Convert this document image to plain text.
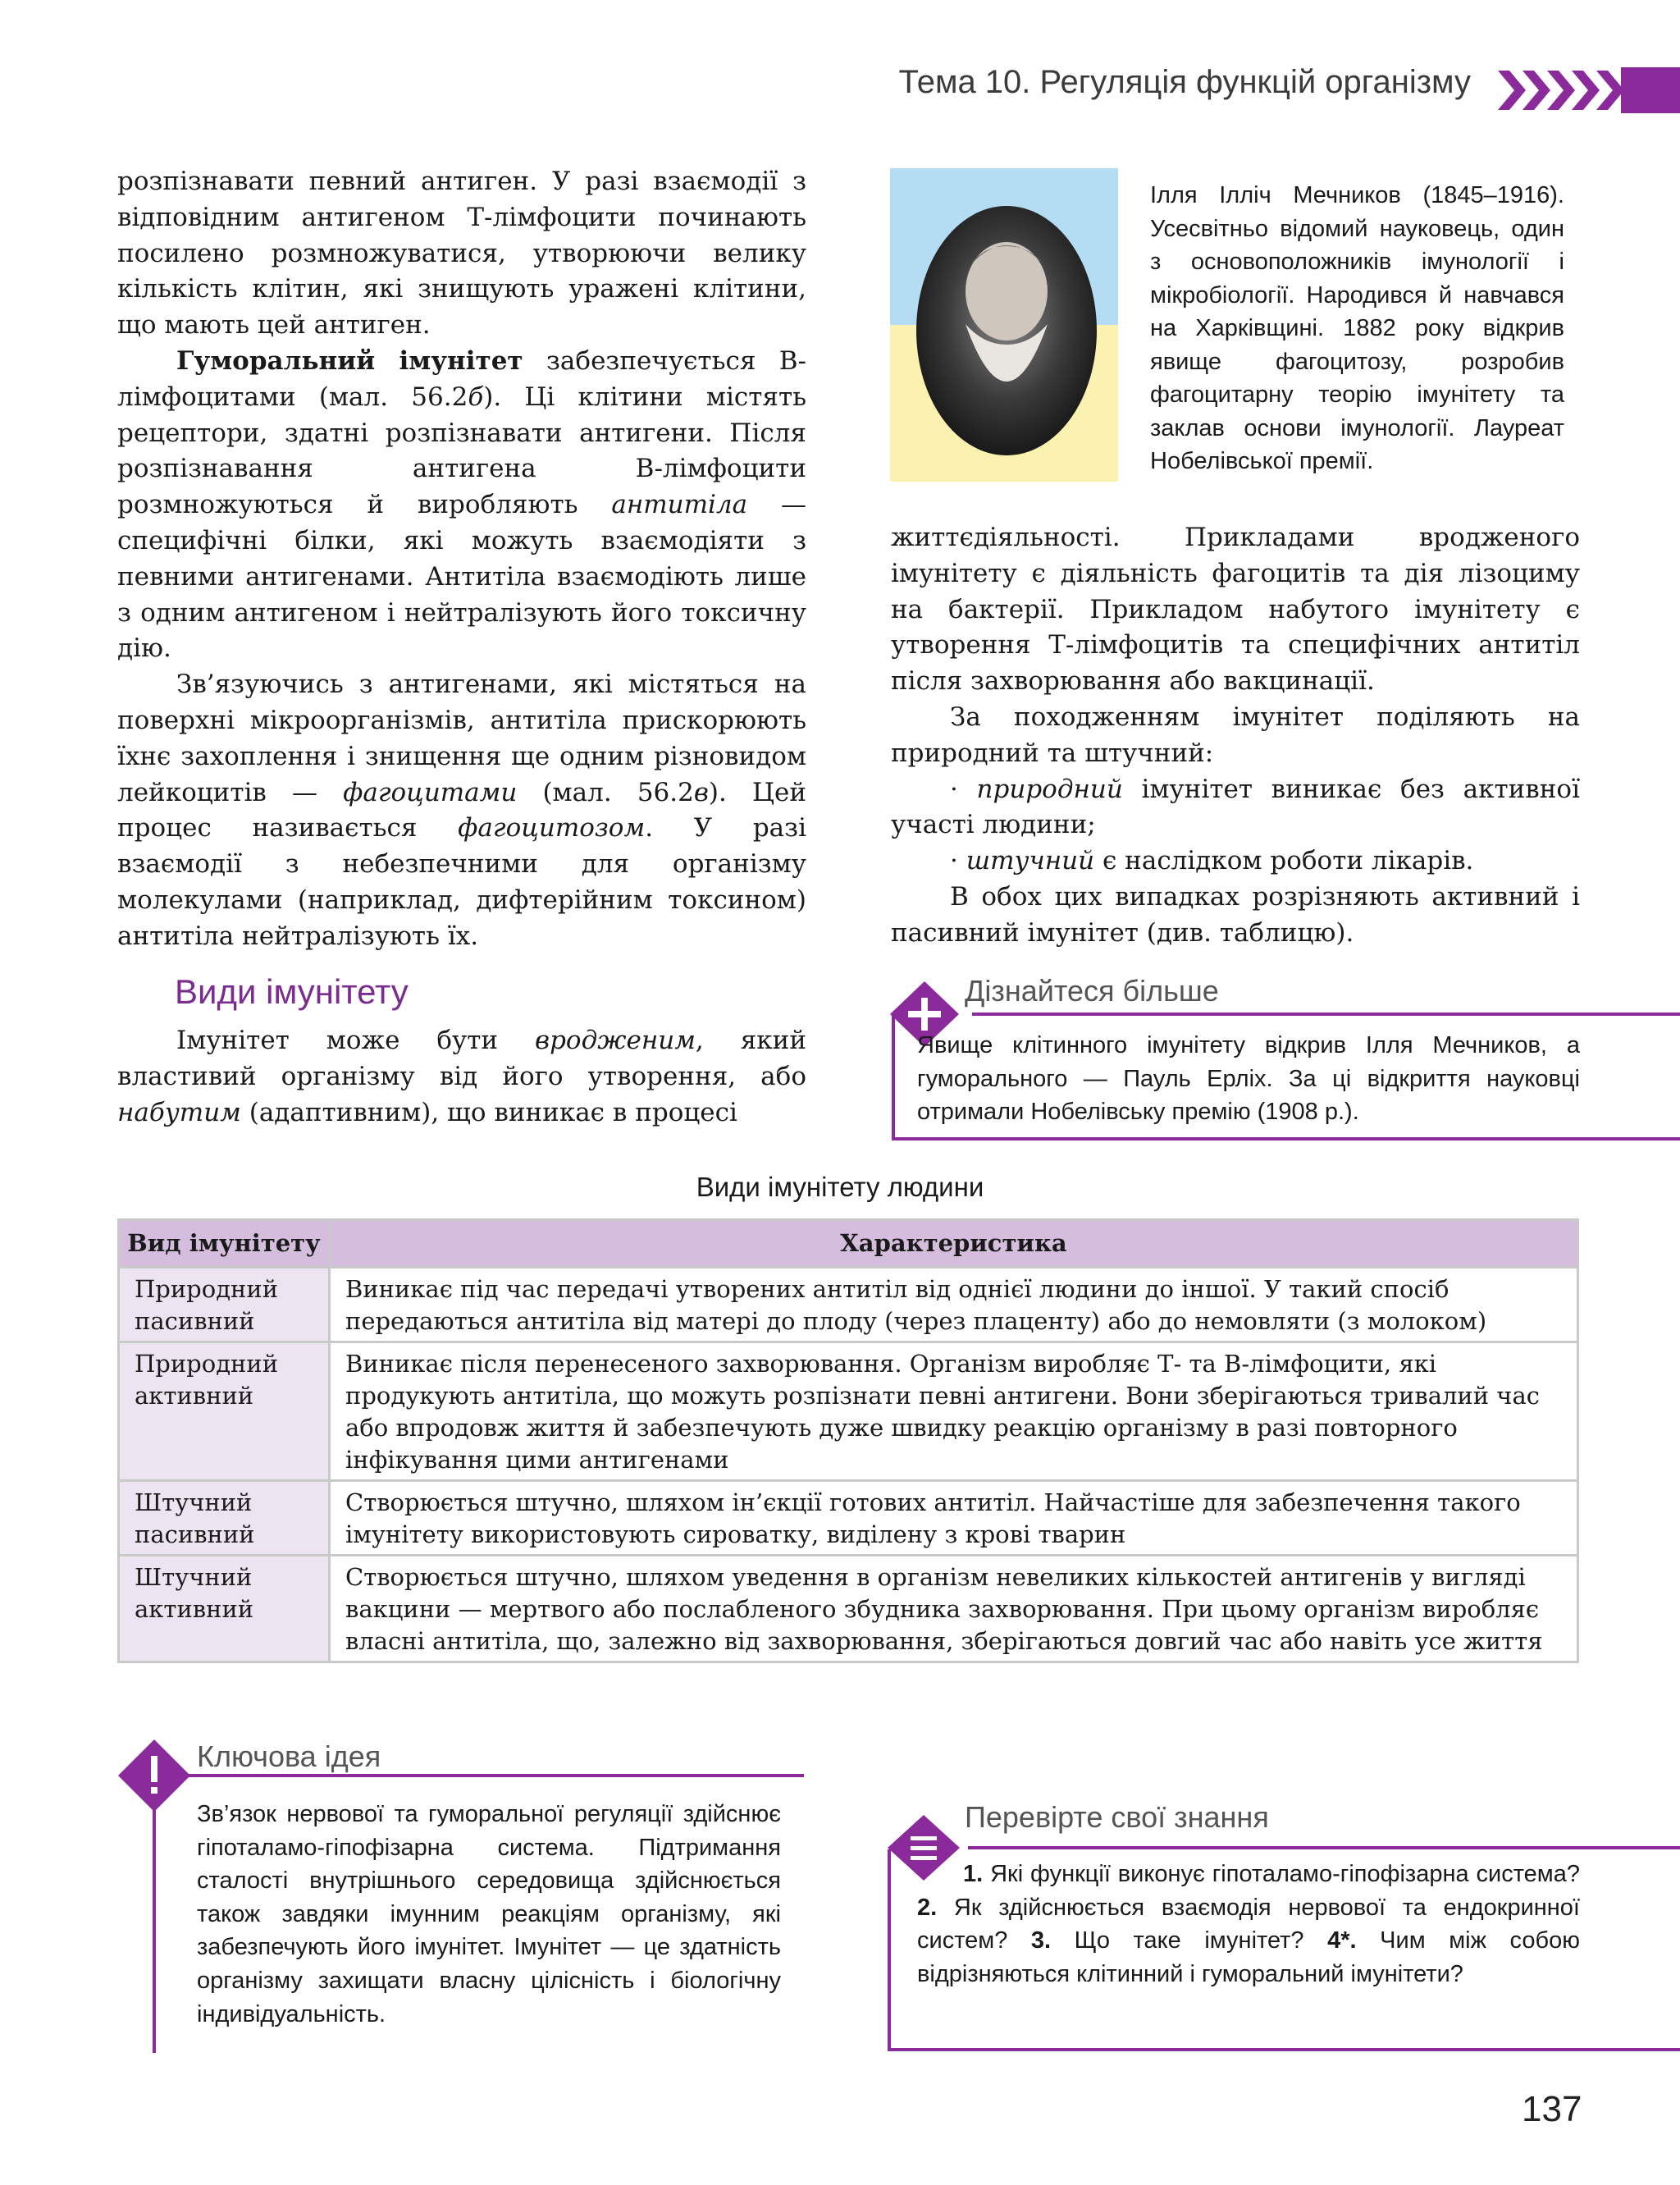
Тема 10. Регуляція функцій організму

розпізнавати певний антиген. У разі взаємодії з відповідним антигеном Т-лімфоцити починають посилено розмножуватися, утворюючи велику кількість клітин, які знищують уражені клітини, що мають цей антиген.

Гуморальний імунітет забезпечується В-лімфоцитами (мал. 56.2б). Ці клітини містять рецептори, здатні розпізнавати антигени. Після розпізнавання антигена В-лімфоцити розмножуються й виробляють антитіла — специфічні білки, які можуть взаємодіяти з певними антигенами. Антитіла взаємодіють лише з одним антигеном і нейтралізують його токсичну дію.

Зв’язуючись з антигенами, які містяться на поверхні мікроорганізмів, антитіла прискорюють їхнє захоплення і знищення ще одним різновидом лейкоцитів — фагоцитами (мал. 56.2в). Цей процес називається фагоцитозом. У разі взаємодії з небезпечними для організму молекулами (наприклад, дифтерійним токсином) антитіла нейтралізують їх.

Види імунітету

Імунітет може бути вродженим, який властивий організму від його утворення, або набутим (адаптивним), що виникає в процесі

Ілля Ілліч Мечников (1845–1916). Усесвітньо відомий науковець, один з основоположників імунології і мікробіології. Народився й навчався на Харківщині. 1882 року відкрив явище фагоцитозу, розробив фагоцитарну теорію імунітету та заклав основи імунології. Лауреат Нобелівської премії.

життєдіяльності. Прикладами вродженого імунітету є діяльність фагоцитів та дія лізоциму на бактерії. Прикладом набутого імунітету є утворення Т-лімфоцитів та специфічних антитіл після захворювання або вакцинації.

За походженням імунітет поділяють на природний та штучний:

· природний імунітет виникає без активної участі людини;

· штучний є наслідком роботи лікарів.

В обох цих випадках розрізняють активний і пасивний імунітет (див. таблицю).

Дізнайтеся більше
Явище клітинного імунітету відкрив Ілля Мечников, а гуморального — Пауль Ерліх. За ці відкриття науковці отримали Нобелівську премію (1908 р.).
Види імунітету людини
Вид імунітету	Характеристика
Природний пасивний	Виникає під час передачі утворених антитіл від однієї людини до іншої. У такий спосіб передаються антитіла від матері до плоду (через плаценту) або до немовляти (з молоком)
Природний активний	Виникає після перенесеного захворювання. Організм виробляє Т- та В-лімфоцити, які продукують антитіла, що можуть розпізнати певні антигени. Вони зберігаються тривалий час або впродовж життя й забезпечують дуже швидку реакцію організму в разі повторного інфікування цими антигенами
Штучний пасивний	Створюється штучно, шляхом ін’єкції готових антитіл. Найчастіше для забезпечення такого імунітету використовують сироватку, виділену з крові тварин
Штучний активний	Створюється штучно, шляхом уведення в організм невеликих кількостей антигенів у вигляді вакцини — мертвого або послабленого збудника захворювання. При цьому організм виробляє власні антитіла, що, залежно від захворювання, зберігаються довгий час або навіть усе життя
Ключова ідея
Зв’язок нервової та гуморальної регуляції здійснює гіпоталамо-гіпофізарна система. Підтримання сталості внутрішнього середовища здійснюється також завдяки імунним реакціям організму, які забезпечують його імунітет. Імунітет — це здатність організму захищати власну цілісність і біологічну індивідуальність.
Перевірте свої знання
1. Які функції виконує гіпоталамо-гіпофізарна система? 2. Як здійснюється взаємодія нервової та ендокринної систем? 3. Що таке імунітет? 4*. Чим між собою відрізняються клітинний і гуморальний імунітети?
137
